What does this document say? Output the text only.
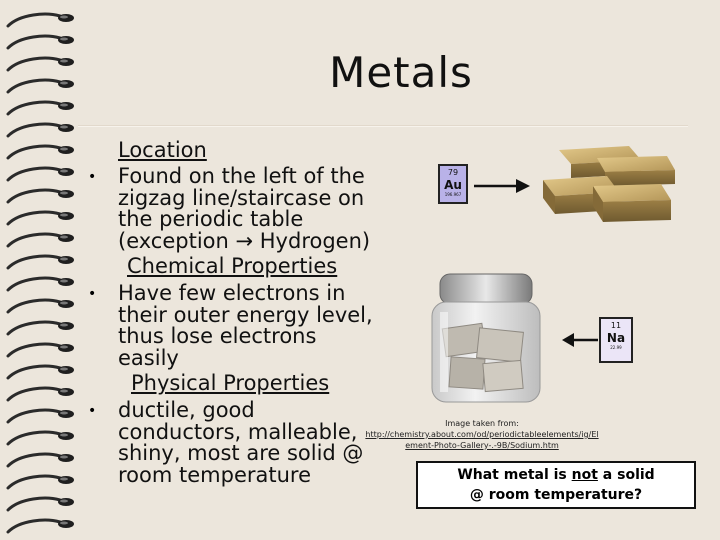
Metals
Location
• Found on the left of the
zigzag line/staircase on
the periodic table
(exception → Hydrogen)
Chemical Properties
• Have few electrons in
their outer energy level,
thus lose electrons
easily
Physical Properties
• ductile, good
conductors, malleable,
shiny, most are solid @
room temperature
79
Au
196.967
11
Na
22.99
Image taken from:
http://chemistry.about.com/od/periodictableelements/ig/El
ement-Photo-Gallery-.-9B/Sodium.htm
What metal is not a solid
@ room temperature?
